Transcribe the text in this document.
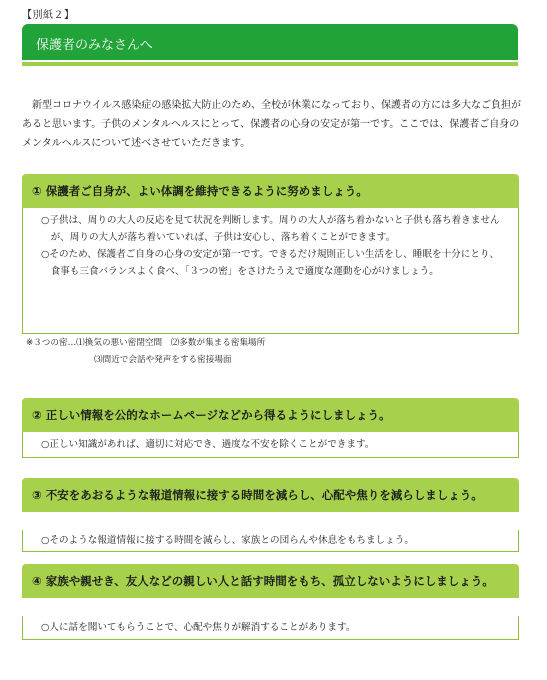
【別紙２】
保護者のみなさんへ
新型コロナウイルス感染症の感染拡大防止のため、全校が休業になっており、保護者の方には多大なご負担があると思います。子供のメンタルヘルスにとって、保護者の心身の安定が第一です。ここでは、保護者ご自身のメンタルヘルスについて述べさせていただきます。
① 保護者ご自身が、よい体調を維持できるように努めましょう。

○子供は、周りの大人の反応を見て状況を判断します。周りの大人が落ち着かないと子供も落ち着きませんが、周りの大人が落ち着いていれば、子供は安心し、落ち着くことができます。

○そのため、保護者ご自身の心身の安定が第一です。できるだけ規則正しい生活をし、睡眠を十分にとり、食事も三食バランスよく食べ、「３つの密」をさけたうえで適度な運動を心がけましょう。

※３つの密…⑴換気の悪い密閉空間　⑵多数が集まる密集場所
⑶間近で会話や発声をする密接場面
② 正しい情報を公的なホームページなどから得るようにしましょう。

○正しい知識があれば、適切に対応でき、過度な不安を除くことができます。

③ 不安をあおるような報道情報に接する時間を減らし、心配や焦りを減らしましょう。

○そのような報道情報に接する時間を減らし、家族との団らんや休息をもちましょう。

④ 家族や親せき、友人などの親しい人と話す時間をもち、孤立しないようにしましょう。

○人に話を聞いてもらうことで、心配や焦りが解消することがあります。
